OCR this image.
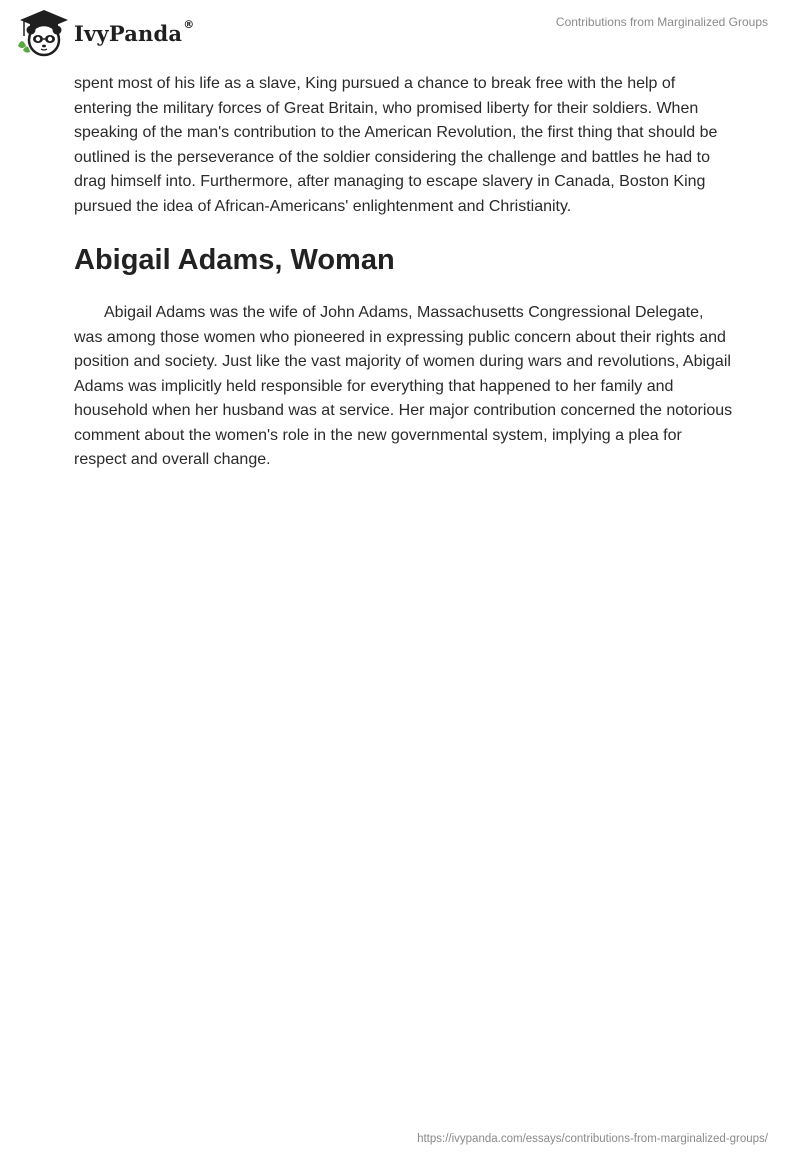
IvyPanda®	Contributions from Marginalized Groups

spent most of his life as a slave, King pursued a chance to break free with the help of entering the military forces of Great Britain, who promised liberty for their soldiers. When speaking of the man's contribution to the American Revolution, the first thing that should be outlined is the perseverance of the soldier considering the challenge and battles he had to drag himself into. Furthermore, after managing to escape slavery in Canada, Boston King pursued the idea of African-Americans' enlightenment and Christianity.

Abigail Adams, Woman

Abigail Adams was the wife of John Adams, Massachusetts Congressional Delegate, was among those women who pioneered in expressing public concern about their rights and position and society. Just like the vast majority of women during wars and revolutions, Abigail Adams was implicitly held responsible for everything that happened to her family and household when her husband was at service. Her major contribution concerned the notorious comment about the women's role in the new governmental system, implying a plea for respect and overall change.

https://ivypanda.com/essays/contributions-from-marginalized-groups/
